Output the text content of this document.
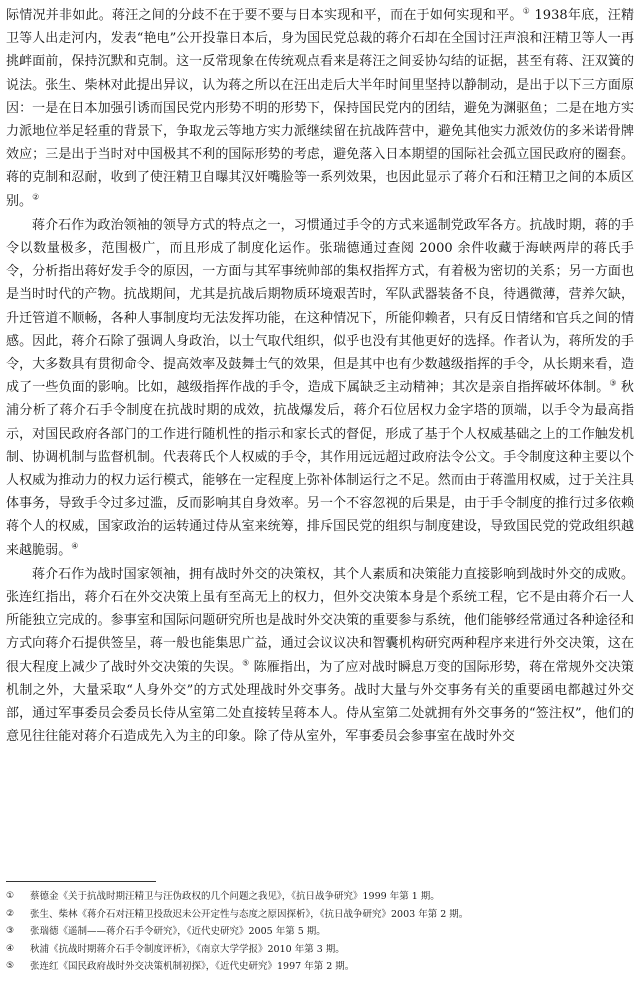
际情况并非如此。蒋汪之间的分歧不在于要不要与日本实现和平，而在于如何实现和平。① 1938年底，汪精卫等人出走河内，发表“艳电”公开投靠日本后，身为国民党总裁的蒋介石却在全国讨汪声浪和汪精卫等人一再挑衅面前，保持沉默和克制。这一反常现象在传统观点看来是蒋汪之间妥协勾结的证据，甚至有蒋、汪双簧的说法。张生、柴林对此提出异议，认为蒋之所以在汪出走后大半年时间里坚持以静制动，是出于以下三方面原因：一是在日本加强引诱而国民党内形势不明的形势下，保持国民党内的团结，避免为渊驱鱼；二是在地方实力派地位举足轻重的背景下，争取龙云等地方实力派继续留在抗战阵营中，避免其他实力派效仿的多米诺骨牌效应；三是出于当时对中国极其不利的国际形势的考虑，避免落入日本期望的国际社会孤立国民政府的圈套。蒋的克制和忍耐，收到了使汪精卫自曝其汉奸嘴脸等一系列效果，也因此显示了蒋介石和汪精卫之间的本质区别。②

蒋介石作为政治领袖的领导方式的特点之一，习惯通过手令的方式来遥制党政军各方。抗战时期，蒋的手令以数量极多，范围极广，而且形成了制度化运作。张瑞德通过查阅 2000 余件收藏于海峡两岸的蒋氏手令，分析指出蒋好发手令的原因，一方面与其军事统帅部的集权指挥方式，有着极为密切的关系；另一方面也是当时时代的产物。抗战期间，尤其是抗战后期物质环境艰苦时，军队武器装备不良，待遇微薄，营养欠缺，升迁管道不顺畅，各种人事制度均无法发挥功能，在这种情况下，所能仰赖者，只有反日情绪和官兵之间的情感。因此，蒋介石除了强调人身政治，以士气取代组织，似乎也没有其他更好的选择。作者认为，蒋所发的手令，大多数具有贯彻命令、提高效率及鼓舞士气的效果，但是其中也有少数越级指挥的手令，从长期来看，造成了一些负面的影响。比如，越级指挥作战的手令，造成下属缺乏主动精神；其次是亲自指挥破坏体制。③ 秋浦分析了蒋介石手令制度在抗战时期的成效，抗战爆发后，蒋介石位居权力金字塔的顶端，以手令为最高指示，对国民政府各部门的工作进行随机性的指示和家长式的督促，形成了基于个人权威基础之上的工作触发机制、协调机制与监督机制。代表蒋氏个人权威的手令，其作用远远超过政府法令公文。手令制度这种主要以个人权威为推动力的权力运行模式，能够在一定程度上弥补体制运行之不足。然而由于蒋滥用权威，过于关注具体事务，导致手令过多过滥，反而影响其自身效率。另一个不容忽视的后果是，由于手令制度的推行过多依赖蒋个人的权威，国家政治的运转通过侍从室来统筹，排斥国民党的组织与制度建设，导致国民党的党政组织越来越脆弱。④

蒋介石作为战时国家领袖，拥有战时外交的决策权，其个人素质和决策能力直接影响到战时外交的成败。张连红指出，蒋介石在外交决策上虽有至高无上的权力，但外交决策本身是个系统工程，它不是由蒋介石一人所能独立完成的。参事室和国际问题研究所也是战时外交决策的重要参与系统，他们能够经常通过各种途径和方式向蒋介石提供签呈，蒋一般也能集思广益，通过会议议决和智囊机构研究两种程序来进行外交决策，这在很大程度上减少了战时外交决策的失误。⑤ 陈雁指出，为了应对战时瞬息万变的国际形势，蒋在常规外交决策机制之外，大量采取“人身外交”的方式处理战时外交事务。战时大量与外交事务有关的重要函电都越过外交部，通过军事委员会委员长侍从室第二处直接转呈蒋本人。侍从室第二处就拥有外交事务的“签注权”，他们的意见往往能对蒋介石造成先入为主的印象。除了侍从室外，军事委员会参事室在战时外交

①	蔡德金《关于抗战时期汪精卫与汪伪政权的几个问题之我见》，《抗日战争研究》1999 年第 1 期。
②	张生、柴林《蒋介石对汪精卫投敌迟未公开定性与态度之原因探析》，《抗日战争研究》2003 年第 2 期。
③	张瑞德《遥制——蒋介石手令研究》，《近代史研究》2005 年第 5 期。
④	秋浦《抗战时期蒋介石手令制度评析》，《南京大学学报》2010 年第 3 期。
⑤	张连红《国民政府战时外交决策机制初探》，《近代史研究》1997 年第 2 期。
